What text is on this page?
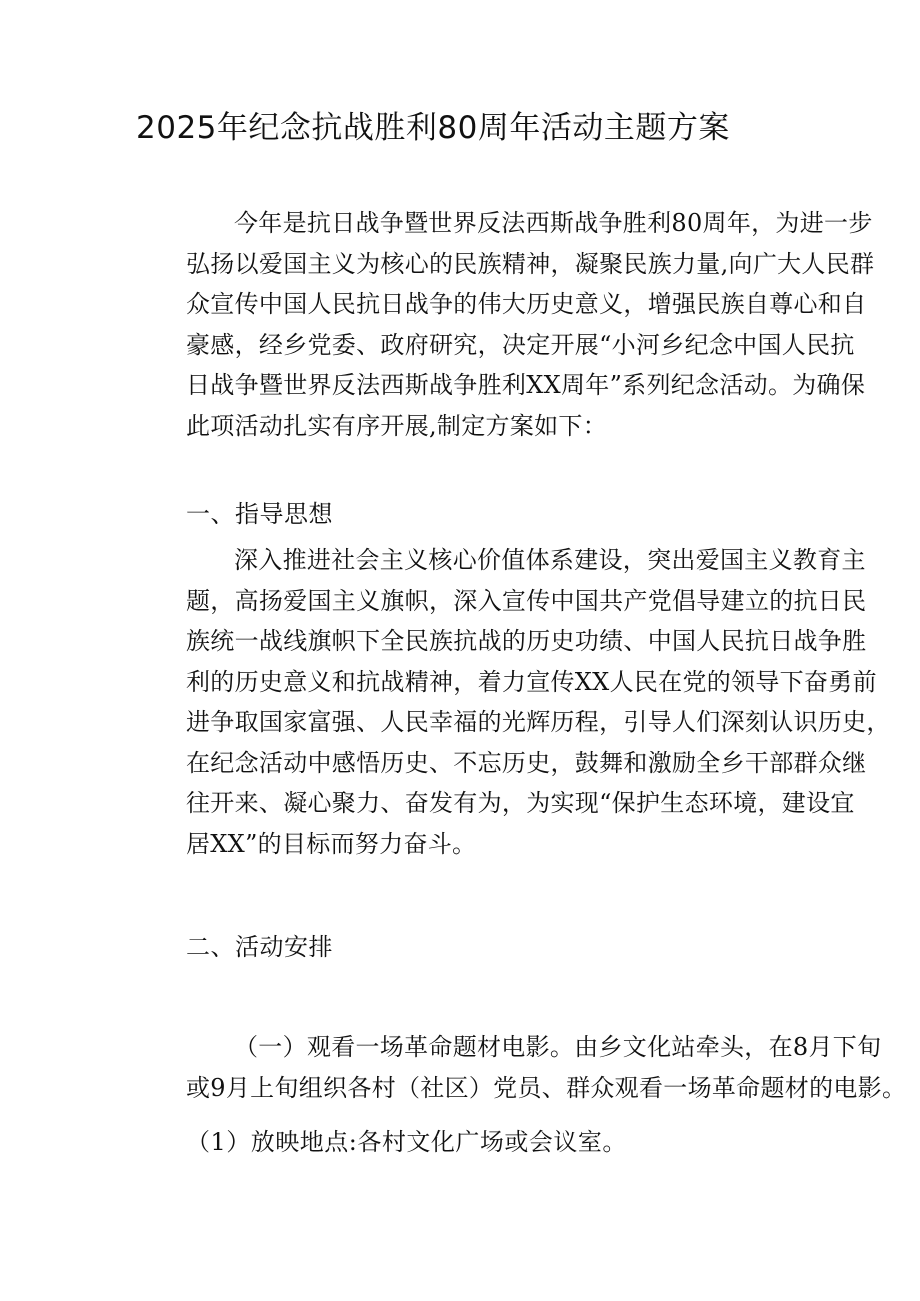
2025年纪念抗战胜利80周年活动主题方案
今年是抗日战争暨世界反法西斯战争胜利80周年，为进一步
弘扬以爱国主义为核心的民族精神，凝聚民族力量,向广大人民群
众宣传中国人民抗日战争的伟大历史意义，增强民族自尊心和自
豪感，经乡党委、政府研究，决定开展“小河乡纪念中国人民抗
日战争暨世界反法西斯战争胜利XX周年”系列纪念活动。为确保
此项活动扎实有序开展,制定方案如下：
一、指导思想
深入推进社会主义核心价值体系建设，突出爱国主义教育主
题，高扬爱国主义旗帜，深入宣传中国共产党倡导建立的抗日民
族统一战线旗帜下全民族抗战的历史功绩、中国人民抗日战争胜
利的历史意义和抗战精神，着力宣传XX人民在党的领导下奋勇前
进争取国家富强、人民幸福的光辉历程，引导人们深刻认识历史，
在纪念活动中感悟历史、不忘历史，鼓舞和激励全乡干部群众继
往开来、凝心聚力、奋发有为，为实现“保护生态环境，建设宜
居XX”的目标而努力奋斗。
二、活动安排
（一）观看一场革命题材电影。由乡文化站牵头，在8月下旬
或9月上旬组织各村（社区）党员、群众观看一场革命题材的电影。
（1）放映地点:各村文化广场或会议室。
